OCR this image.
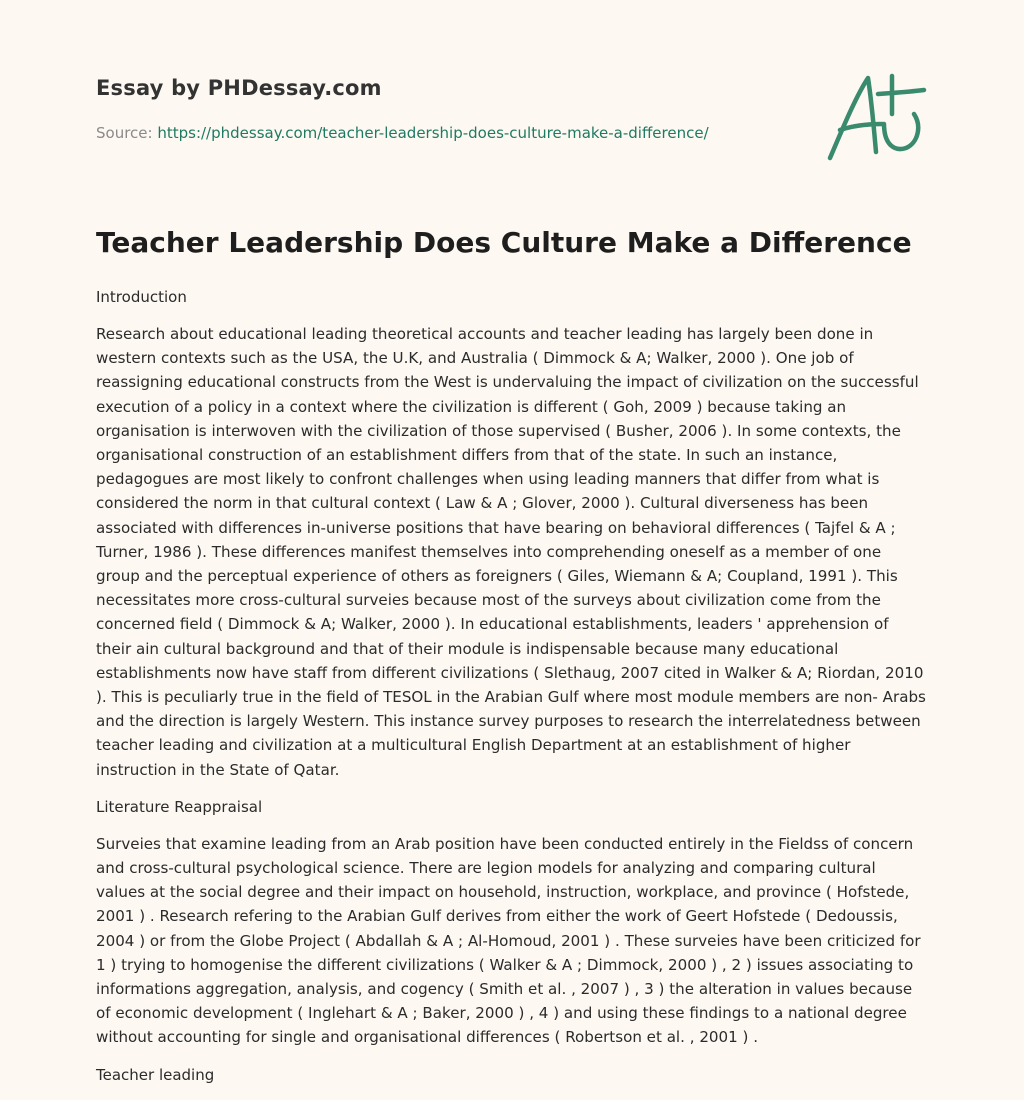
Essay by PHDessay.com
Source: https://phdessay.com/teacher-leadership-does-culture-make-a-difference/
Teacher Leadership Does Culture Make a Difference

Introduction

Research about educational leading theoretical accounts and teacher leading has largely been done in western contexts such as the USA, the U.K, and Australia ( Dimmock & A; Walker, 2000 ). One job of reassigning educational constructs from the West is undervaluing the impact of civilization on the successful execution of a policy in a context where the civilization is different ( Goh, 2009 ) because taking an organisation is interwoven with the civilization of those supervised ( Busher, 2006 ). In some contexts, the organisational construction of an establishment differs from that of the state. In such an instance, pedagogues are most likely to confront challenges when using leading manners that differ from what is considered the norm in that cultural context ( Law & A ; Glover, 2000 ). Cultural diverseness has been associated with differences in-universe positions that have bearing on behavioral differences ( Tajfel & A ; Turner, 1986 ). These differences manifest themselves into comprehending oneself as a member of one group and the perceptual experience of others as foreigners ( Giles, Wiemann & A; Coupland, 1991 ). This necessitates more cross-cultural surveies because most of the surveys about civilization come from the concerned field ( Dimmock & A; Walker, 2000 ). In educational establishments, leaders ' apprehension of their ain cultural background and that of their module is indispensable because many educational establishments now have staff from different civilizations ( Slethaug, 2007 cited in Walker & A; Riordan, 2010 ). This is peculiarly true in the field of TESOL in the Arabian Gulf where most module members are non- Arabs and the direction is largely Western. This instance survey purposes to research the interrelatedness between teacher leading and civilization at a multicultural English Department at an establishment of higher instruction in the State of Qatar.

Literature Reappraisal

Surveies that examine leading from an Arab position have been conducted entirely in the Fieldss of concern and cross-cultural psychological science. There are legion models for analyzing and comparing cultural values at the social degree and their impact on household, instruction, workplace, and province ( Hofstede, 2001 ) . Research refering to the Arabian Gulf derives from either the work of Geert Hofstede ( Dedoussis, 2004 ) or from the Globe Project ( Abdallah & A ; Al-Homoud, 2001 ) . These surveies have been criticized for 1 ) trying to homogenise the different civilizations ( Walker & A ; Dimmock, 2000 ) , 2 ) issues associating to informations aggregation, analysis, and cogency ( Smith et al. , 2007 ) , 3 ) the alteration in values because of economic development ( Inglehart & A ; Baker, 2000 ) , 4 ) and using these findings to a national degree without accounting for single and organisational differences ( Robertson et al. , 2001 ) .

Teacher leading
